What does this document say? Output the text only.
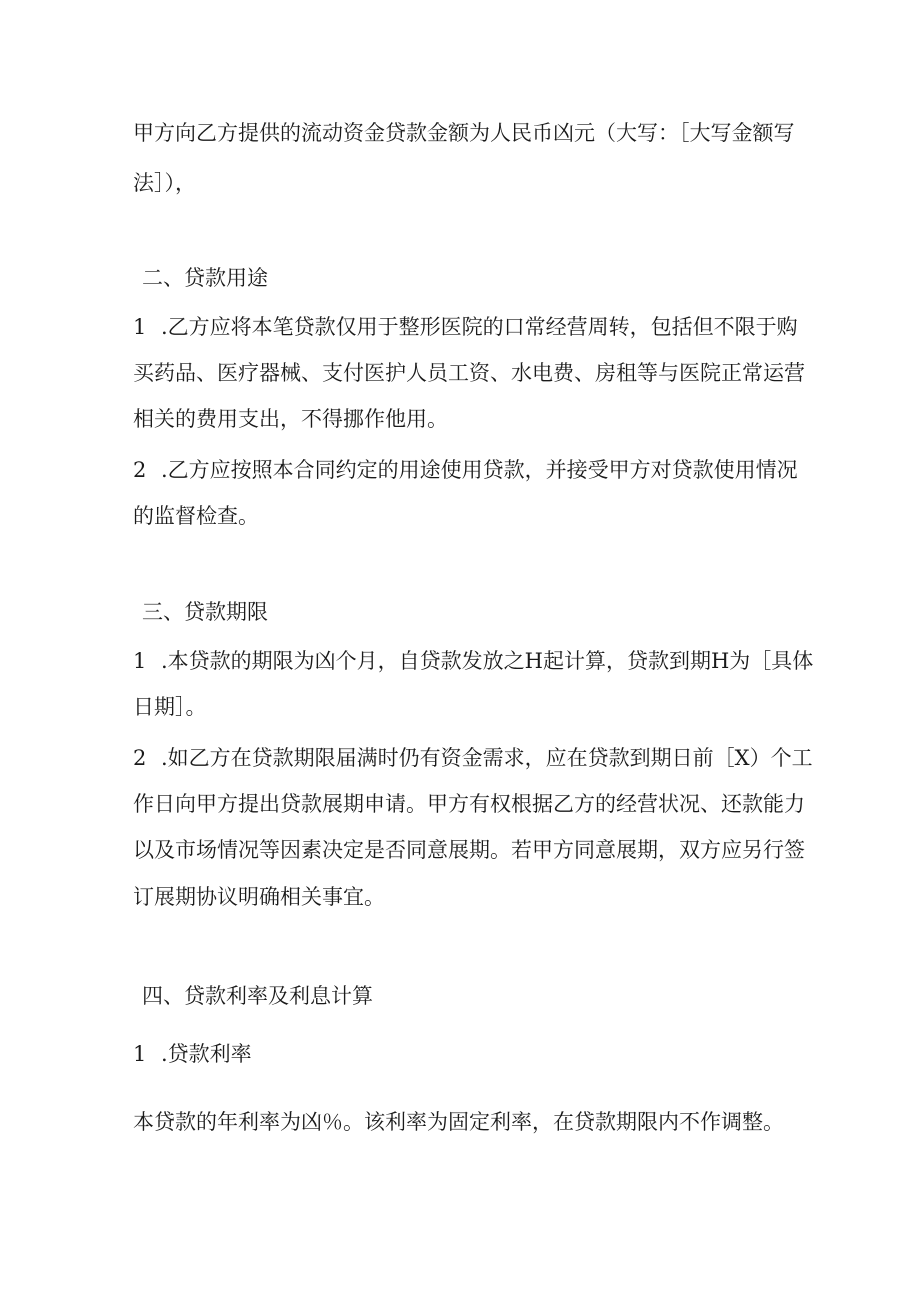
甲方向乙方提供的流动资金贷款金额为人民币凶元（大写：［大写金额写
法］），
二、贷款用途
1 .乙方应将本笔贷款仅用于整形医院的口常经营周转，包括但不限于购
买药品、医疗器械、支付医护人员工资、水电费、房租等与医院正常运营
相关的费用支出，不得挪作他用。
2 .乙方应按照本合同约定的用途使用贷款，并接受甲方对贷款使用情况
的监督检查。
三、贷款期限
1 .本贷款的期限为凶个月，自贷款发放之H起计算，贷款到期H为［具体
日期］。
2 .如乙方在贷款期限届满时仍有资金需求，应在贷款到期日前［X）个工
作日向甲方提出贷款展期申请。甲方有权根据乙方的经营状况、还款能力
以及市场情况等因素决定是否同意展期。若甲方同意展期，双方应另行签
订展期协议明确相关事宜。
四、贷款利率及利息计算
1 .贷款利率
本贷款的年利率为凶％。该利率为固定利率，在贷款期限内不作调整。
